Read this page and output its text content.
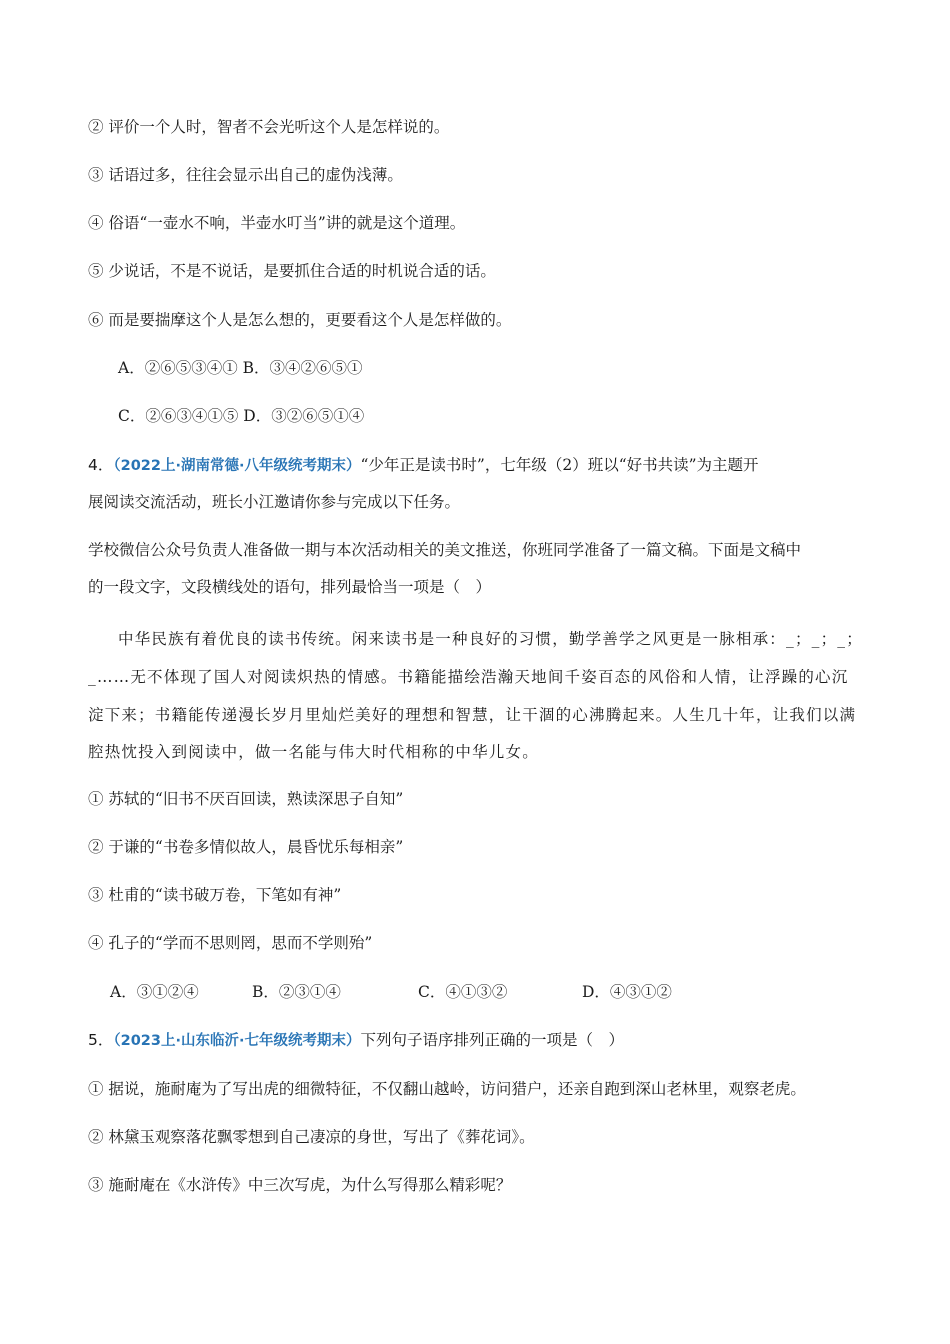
② 评价一个人时，智者不会光听这个人是怎样说的。
③ 话语过多，往往会显示出自己的虚伪浅薄。
④ 俗语“一壶水不响，半壶水叮当”讲的就是这个道理。
⑤ 少说话，不是不说话，是要抓住合适的时机说合适的话。
⑥ 而是要揣摩这个人是怎么想的，更要看这个人是怎样做的。
A．②⑥⑤③④① B．③④②⑥⑤①
C．②⑥③④①⑤ D．③②⑥⑤①④
4．（2022上·湖南常德·八年级统考期末）“少年正是读书时”，七年级（2）班以“好书共读”为主题开
展阅读交流活动，班长小江邀请你参与完成以下任务。
学校微信公众号负责人准备做一期与本次活动相关的美文推送，你班同学准备了一篇文稿。下面是文稿中
的一段文字，文段横线处的语句，排列最恰当一项是（　）
中华民族有着优良的读书传统。闲来读书是一种良好的习惯，勤学善学之风更是一脉相承：_；_；_；
_……无不体现了国人对阅读炽热的情感。书籍能描绘浩瀚天地间千姿百态的风俗和人情，让浮躁的心沉
淀下来；书籍能传递漫长岁月里灿烂美好的理想和智慧，让干涸的心沸腾起来。人生几十年，让我们以满
腔热忱投入到阅读中，做一名能与伟大时代相称的中华儿女。
① 苏轼的“旧书不厌百回读，熟读深思子自知”
② 于谦的“书卷多情似故人，晨昏忧乐每相亲”
③ 杜甫的“读书破万卷，下笔如有神”
④ 孔子的“学而不思则罔，思而不学则殆”
A．③①②④	B．②③①④	C．④①③②	D．④③①②
5．（2023上·山东临沂·七年级统考期末）下列句子语序排列正确的一项是（　）
① 据说，施耐庵为了写出虎的细微特征，不仅翻山越岭，访问猎户，还亲自跑到深山老林里，观察老虎。
② 林黛玉观察落花飘零想到自己凄凉的身世，写出了《葬花词》。
③ 施耐庵在《水浒传》中三次写虎，为什么写得那么精彩呢？
